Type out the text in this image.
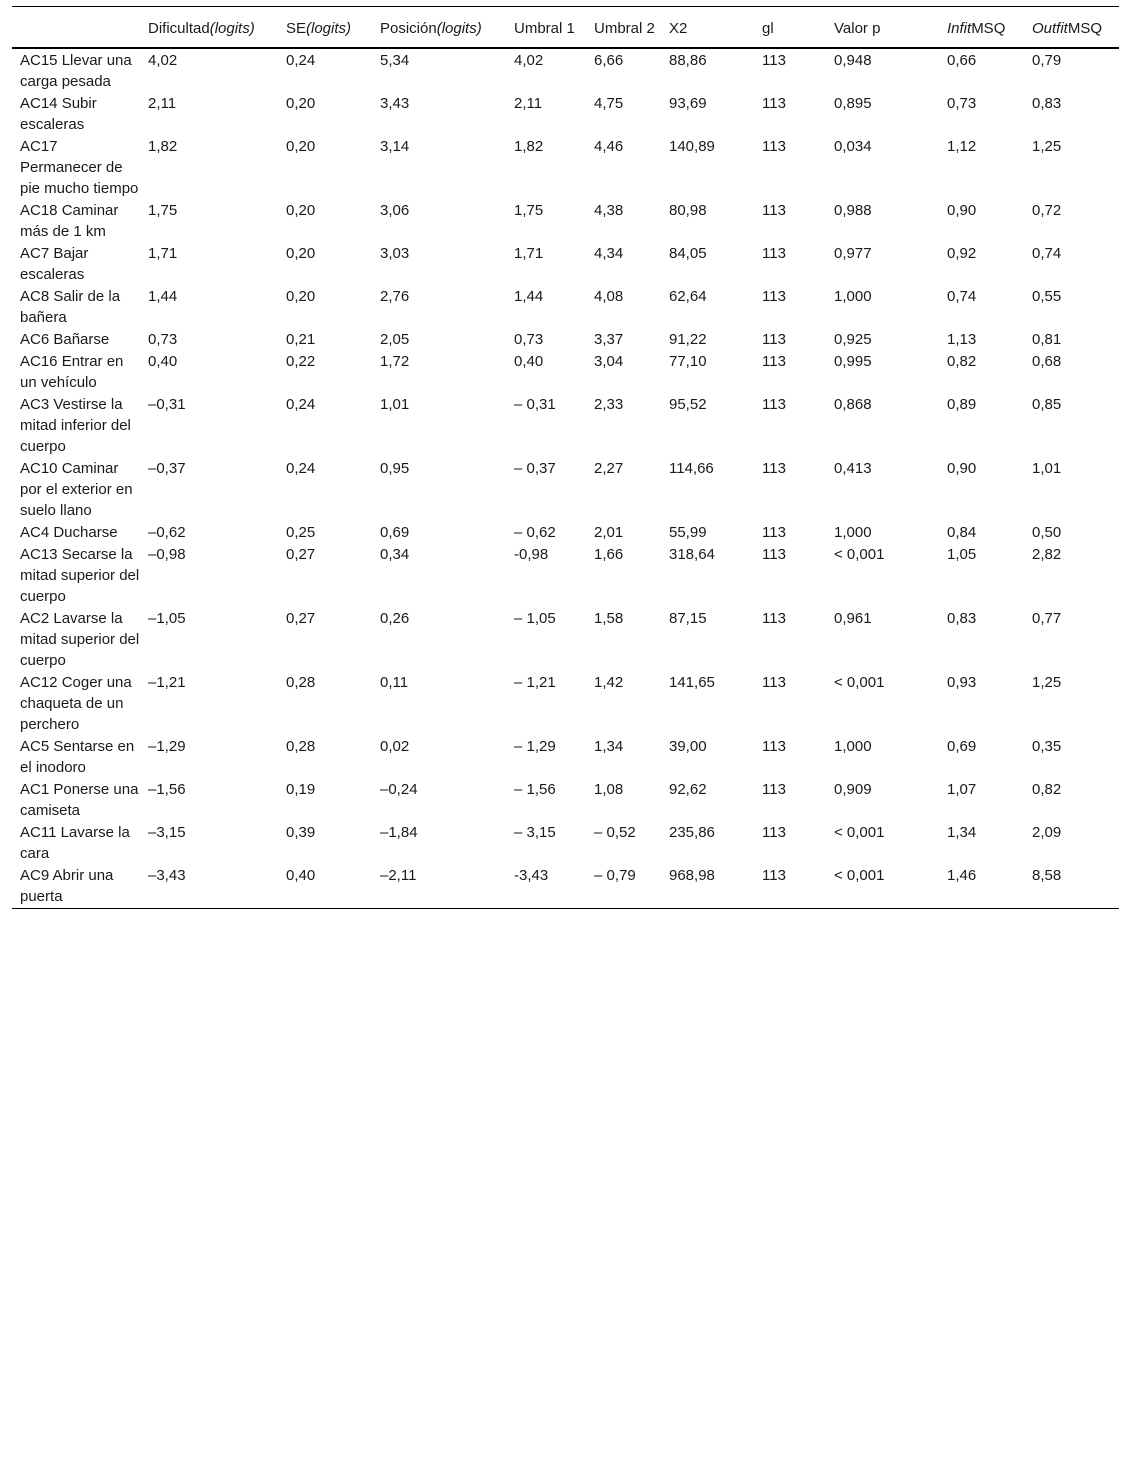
	Dificultad(logits)	SE(logits)	Posición(logits)	Umbral 1	Umbral 2	X2	gl	Valor p	InfitMSQ	OutfitMSQ
AC15 Llevar una carga pesada	4,02	0,24	5,34	4,02	6,66	88,86	113	0,948	0,66	0,79
AC14 Subir escaleras	2,11	0,20	3,43	2,11	4,75	93,69	113	0,895	0,73	0,83
AC17 Permanecer de pie mucho tiempo	1,82	0,20	3,14	1,82	4,46	140,89	113	0,034	1,12	1,25
AC18 Caminar más de 1 km	1,75	0,20	3,06	1,75	4,38	80,98	113	0,988	0,90	0,72
AC7 Bajar escaleras	1,71	0,20	3,03	1,71	4,34	84,05	113	0,977	0,92	0,74
AC8 Salir de la bañera	1,44	0,20	2,76	1,44	4,08	62,64	113	1,000	0,74	0,55
AC6 Bañarse	0,73	0,21	2,05	0,73	3,37	91,22	113	0,925	1,13	0,81
AC16 Entrar en un vehículo	0,40	0,22	1,72	0,40	3,04	77,10	113	0,995	0,82	0,68
AC3 Vestirse la mitad inferior del cuerpo	–0,31	0,24	1,01	– 0,31	2,33	95,52	113	0,868	0,89	0,85
AC10 Caminar por el exterior en suelo llano	–0,37	0,24	0,95	– 0,37	2,27	114,66	113	0,413	0,90	1,01
AC4 Ducharse	–0,62	0,25	0,69	– 0,62	2,01	55,99	113	1,000	0,84	0,50
AC13 Secarse la mitad superior del cuerpo	–0,98	0,27	0,34	-0,98	1,66	318,64	113	< 0,001	1,05	2,82
AC2 Lavarse la mitad superior del cuerpo	–1,05	0,27	0,26	– 1,05	1,58	87,15	113	0,961	0,83	0,77
AC12 Coger una chaqueta de un perchero	–1,21	0,28	0,11	– 1,21	1,42	141,65	113	< 0,001	0,93	1,25
AC5 Sentarse en el inodoro	–1,29	0,28	0,02	– 1,29	1,34	39,00	113	1,000	0,69	0,35
AC1 Ponerse una camiseta	–1,56	0,19	–0,24	– 1,56	1,08	92,62	113	0,909	1,07	0,82
AC11 Lavarse la cara	–3,15	0,39	–1,84	– 3,15	– 0,52	235,86	113	< 0,001	1,34	2,09
AC9 Abrir una puerta	–3,43	0,40	–2,11	-3,43	– 0,79	968,98	113	< 0,001	1,46	8,58
